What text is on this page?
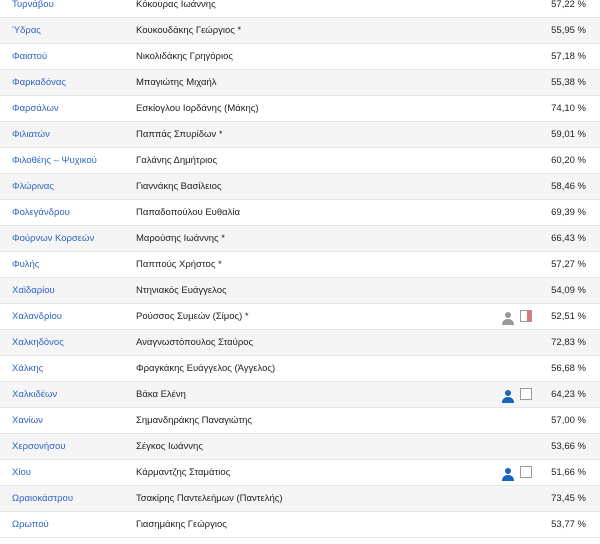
Τυρνάβου	Κόκουρας Ιωάννης	57,22 %
Ύδρας	Κουκουδάκης Γεώργιος *	55,95 %
Φαιστού	Νικολιδάκης Γρηγόριος	57,18 %
Φαρκαδόνας	Μπαγιώτης Μιχαήλ	55,38 %
Φαρσάλων	Εσκίογλου Ιορδάνης (Μάκης)	74,10 %
Φιλιατών	Παππάς Σπυρίδων *	59,01 %
Φιλοθέης – Ψυχικού	Γαλάνης Δημήτριος	60,20 %
Φλώρινας	Γιαννάκης Βασίλειος	58,46 %
Φολεγάνδρου	Παπαδοπούλου Ευθαλία	69,39 %
Φούρνων Κορσεών	Μαρούσης Ιωάννης *	66,43 %
Φυλής	Παππούς Χρήστος *	57,27 %
Χαϊδαρίου	Ντηνιακός Ευάγγελος	54,09 %
Χαλανδρίου	Ρούσσος Συμεών (Σίμος) *	52,51 %
Χαλκηδόνος	Αναγνωστόπουλος Σταύρος	72,83 %
Χάλκης	Φραγκάκης Ευάγγελος (Άγγελος)	56,68 %
Χαλκιδέων	Βάκα Ελένη	64,23 %
Χανίων	Σημανδηράκης Παναγιώτης	57,00 %
Χερσονήσου	Σέγκος Ιωάννης	53,66 %
Χίου	Κάρμαντζης Σταμάτιος	51,66 %
Ωραιοκάστρου	Τσακίρης Παντελεήμων (Παντελής)	73,45 %
Ωρωπού	Γιασημάκης Γεώργιος	53,77 %
